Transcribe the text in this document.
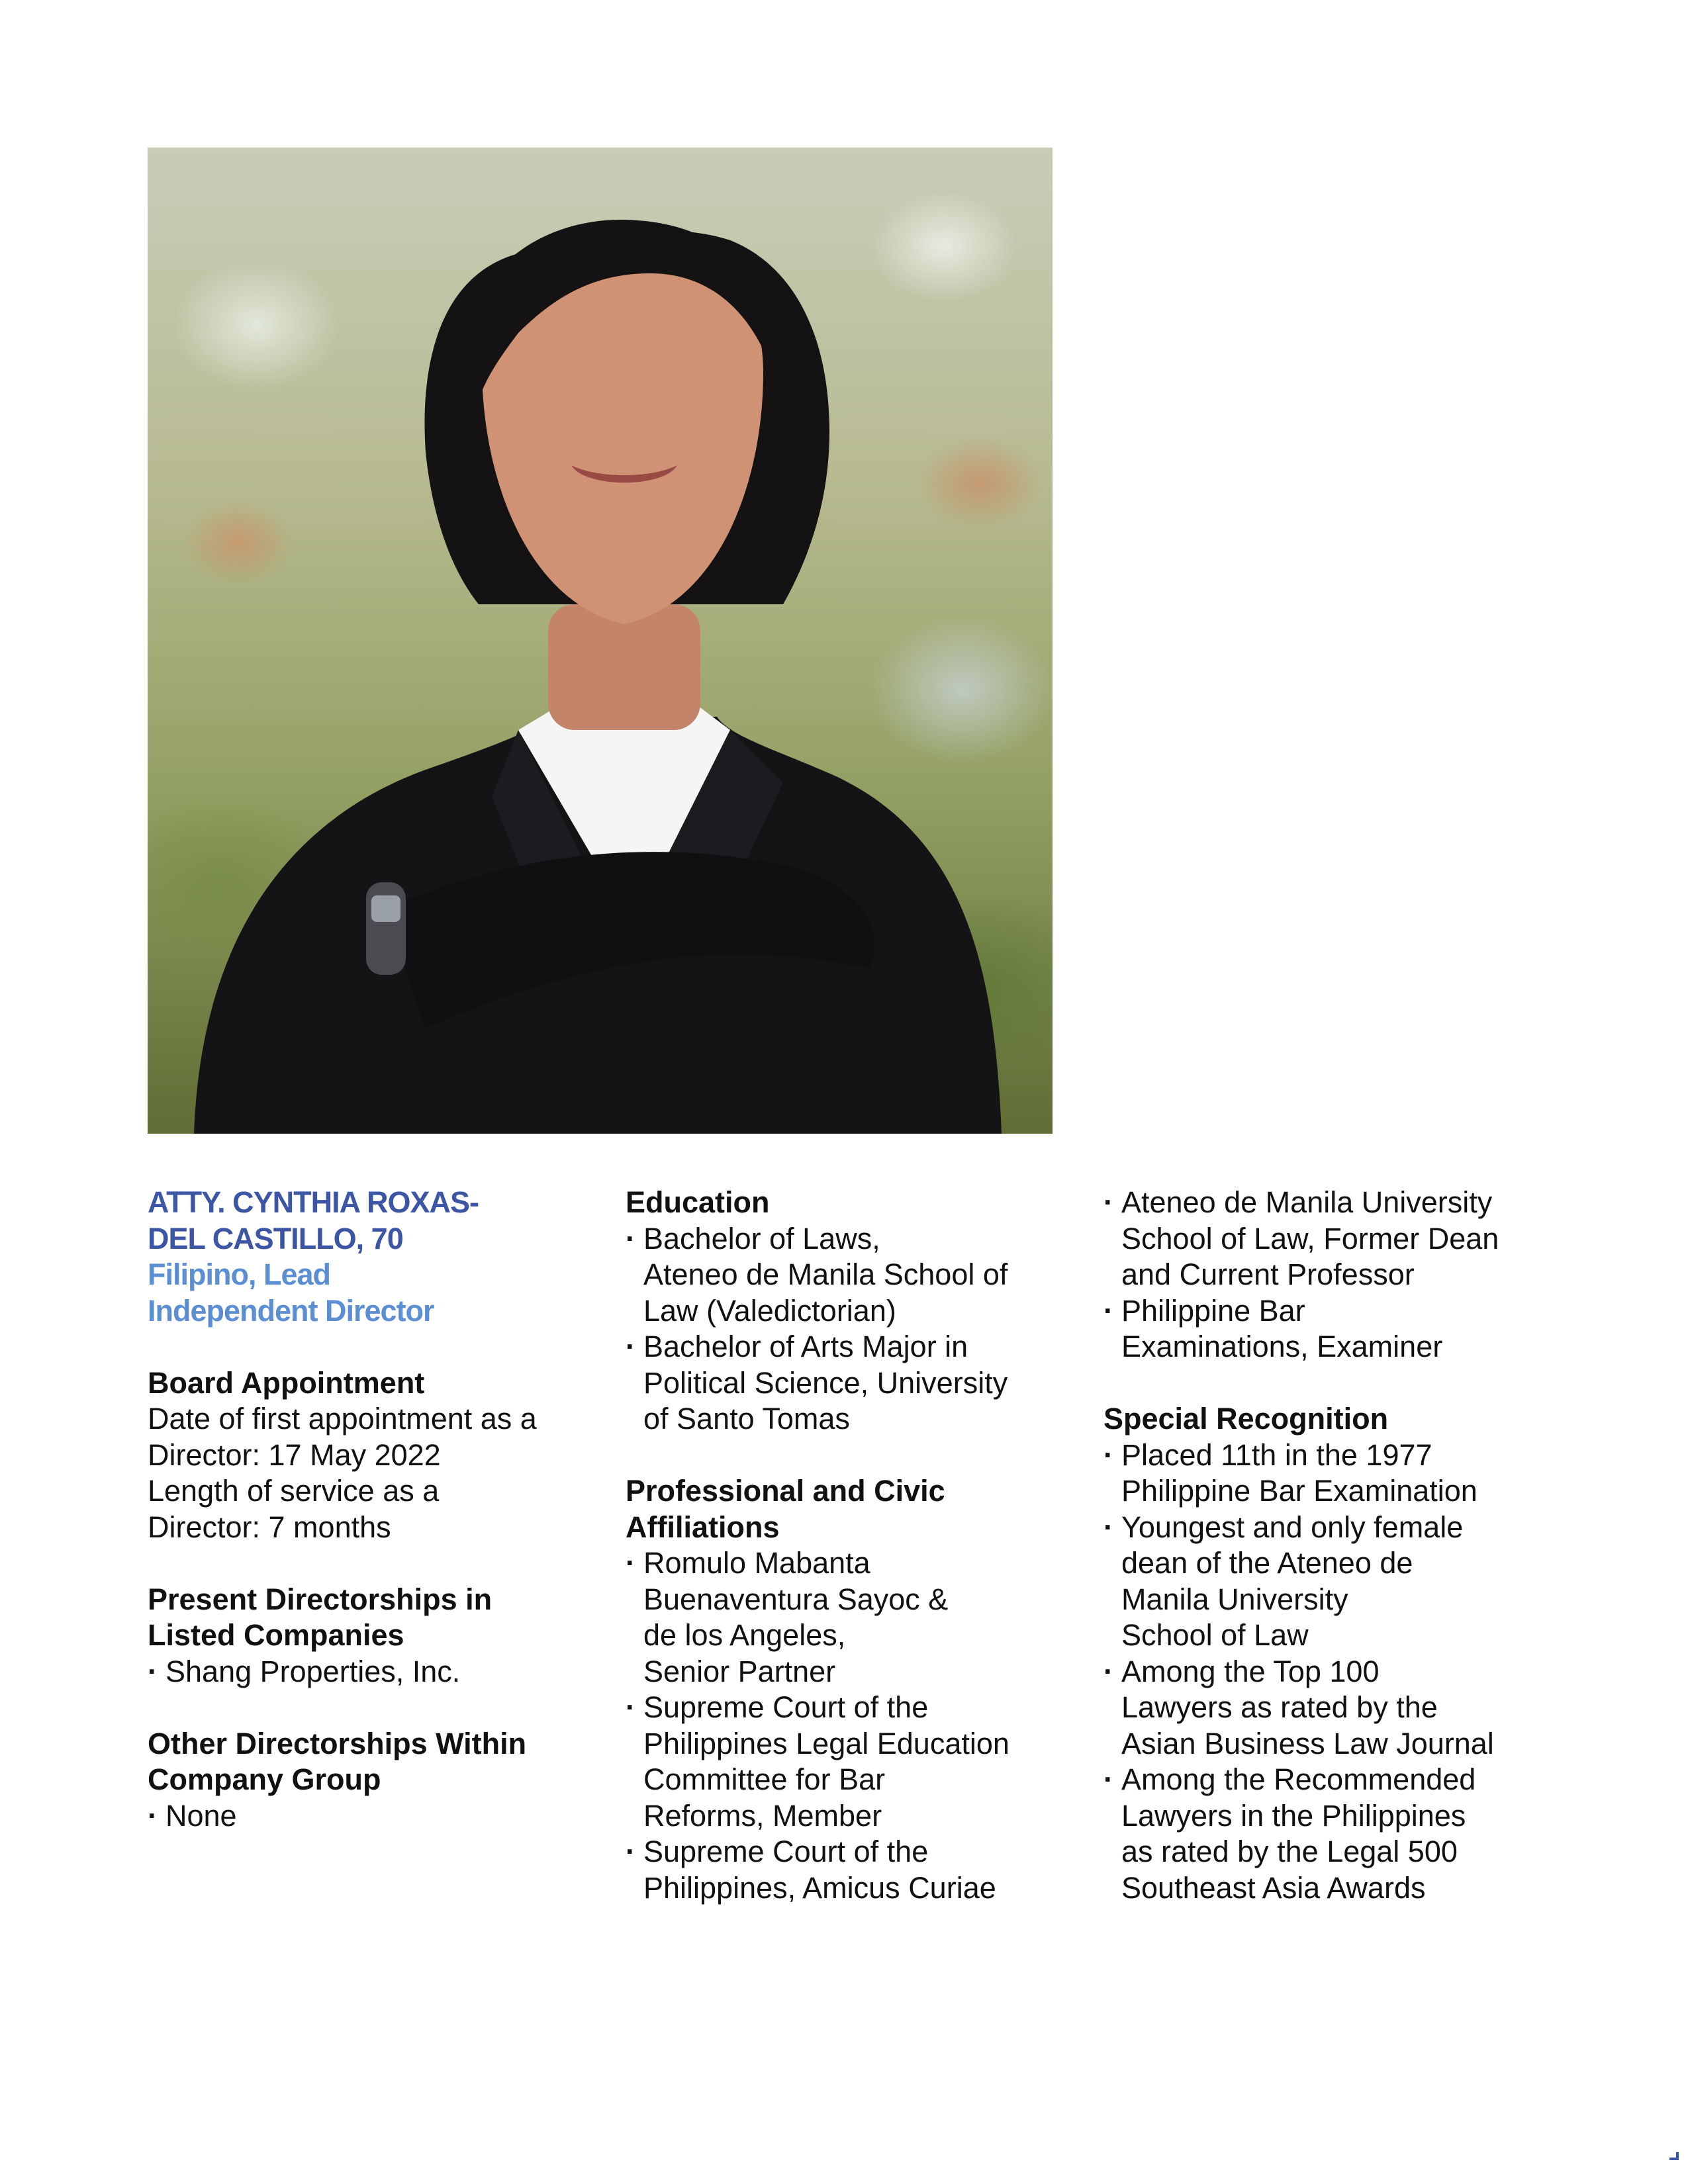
ATTY. CYNTHIA ROXAS-
DEL CASTILLO, 70
Filipino, Lead
Independent Director
Board Appointment
Date of first appointment as a
Director: 17 May 2022
Length of service as a
Director: 7 months
Present Directorships in
Listed Companies
· Shang Properties, Inc.
Other Directorships Within
Company Group
· None
Education
· Bachelor of Laws,
Ateneo de Manila School of
Law (Valedictorian)
· Bachelor of Arts Major in
Political Science, University
of Santo Tomas
Professional and Civic
Affiliations
· Romulo Mabanta
Buenaventura Sayoc &
de los Angeles,
Senior Partner
· Supreme Court of the
Philippines Legal Education
Committee for Bar
Reforms, Member
· Supreme Court of the
Philippines, Amicus Curiae
· Ateneo de Manila University
School of Law, Former Dean
and Current Professor
· Philippine Bar
Examinations, Examiner
Special Recognition
· Placed 11th in the 1977
Philippine Bar Examination
· Youngest and only female
dean of the Ateneo de
Manila University
School of Law
· Among the Top 100
Lawyers as rated by the
Asian Business Law Journal
· Among the Recommended
Lawyers in the Philippines
as rated by the Legal 500
Southeast Asia Awards
